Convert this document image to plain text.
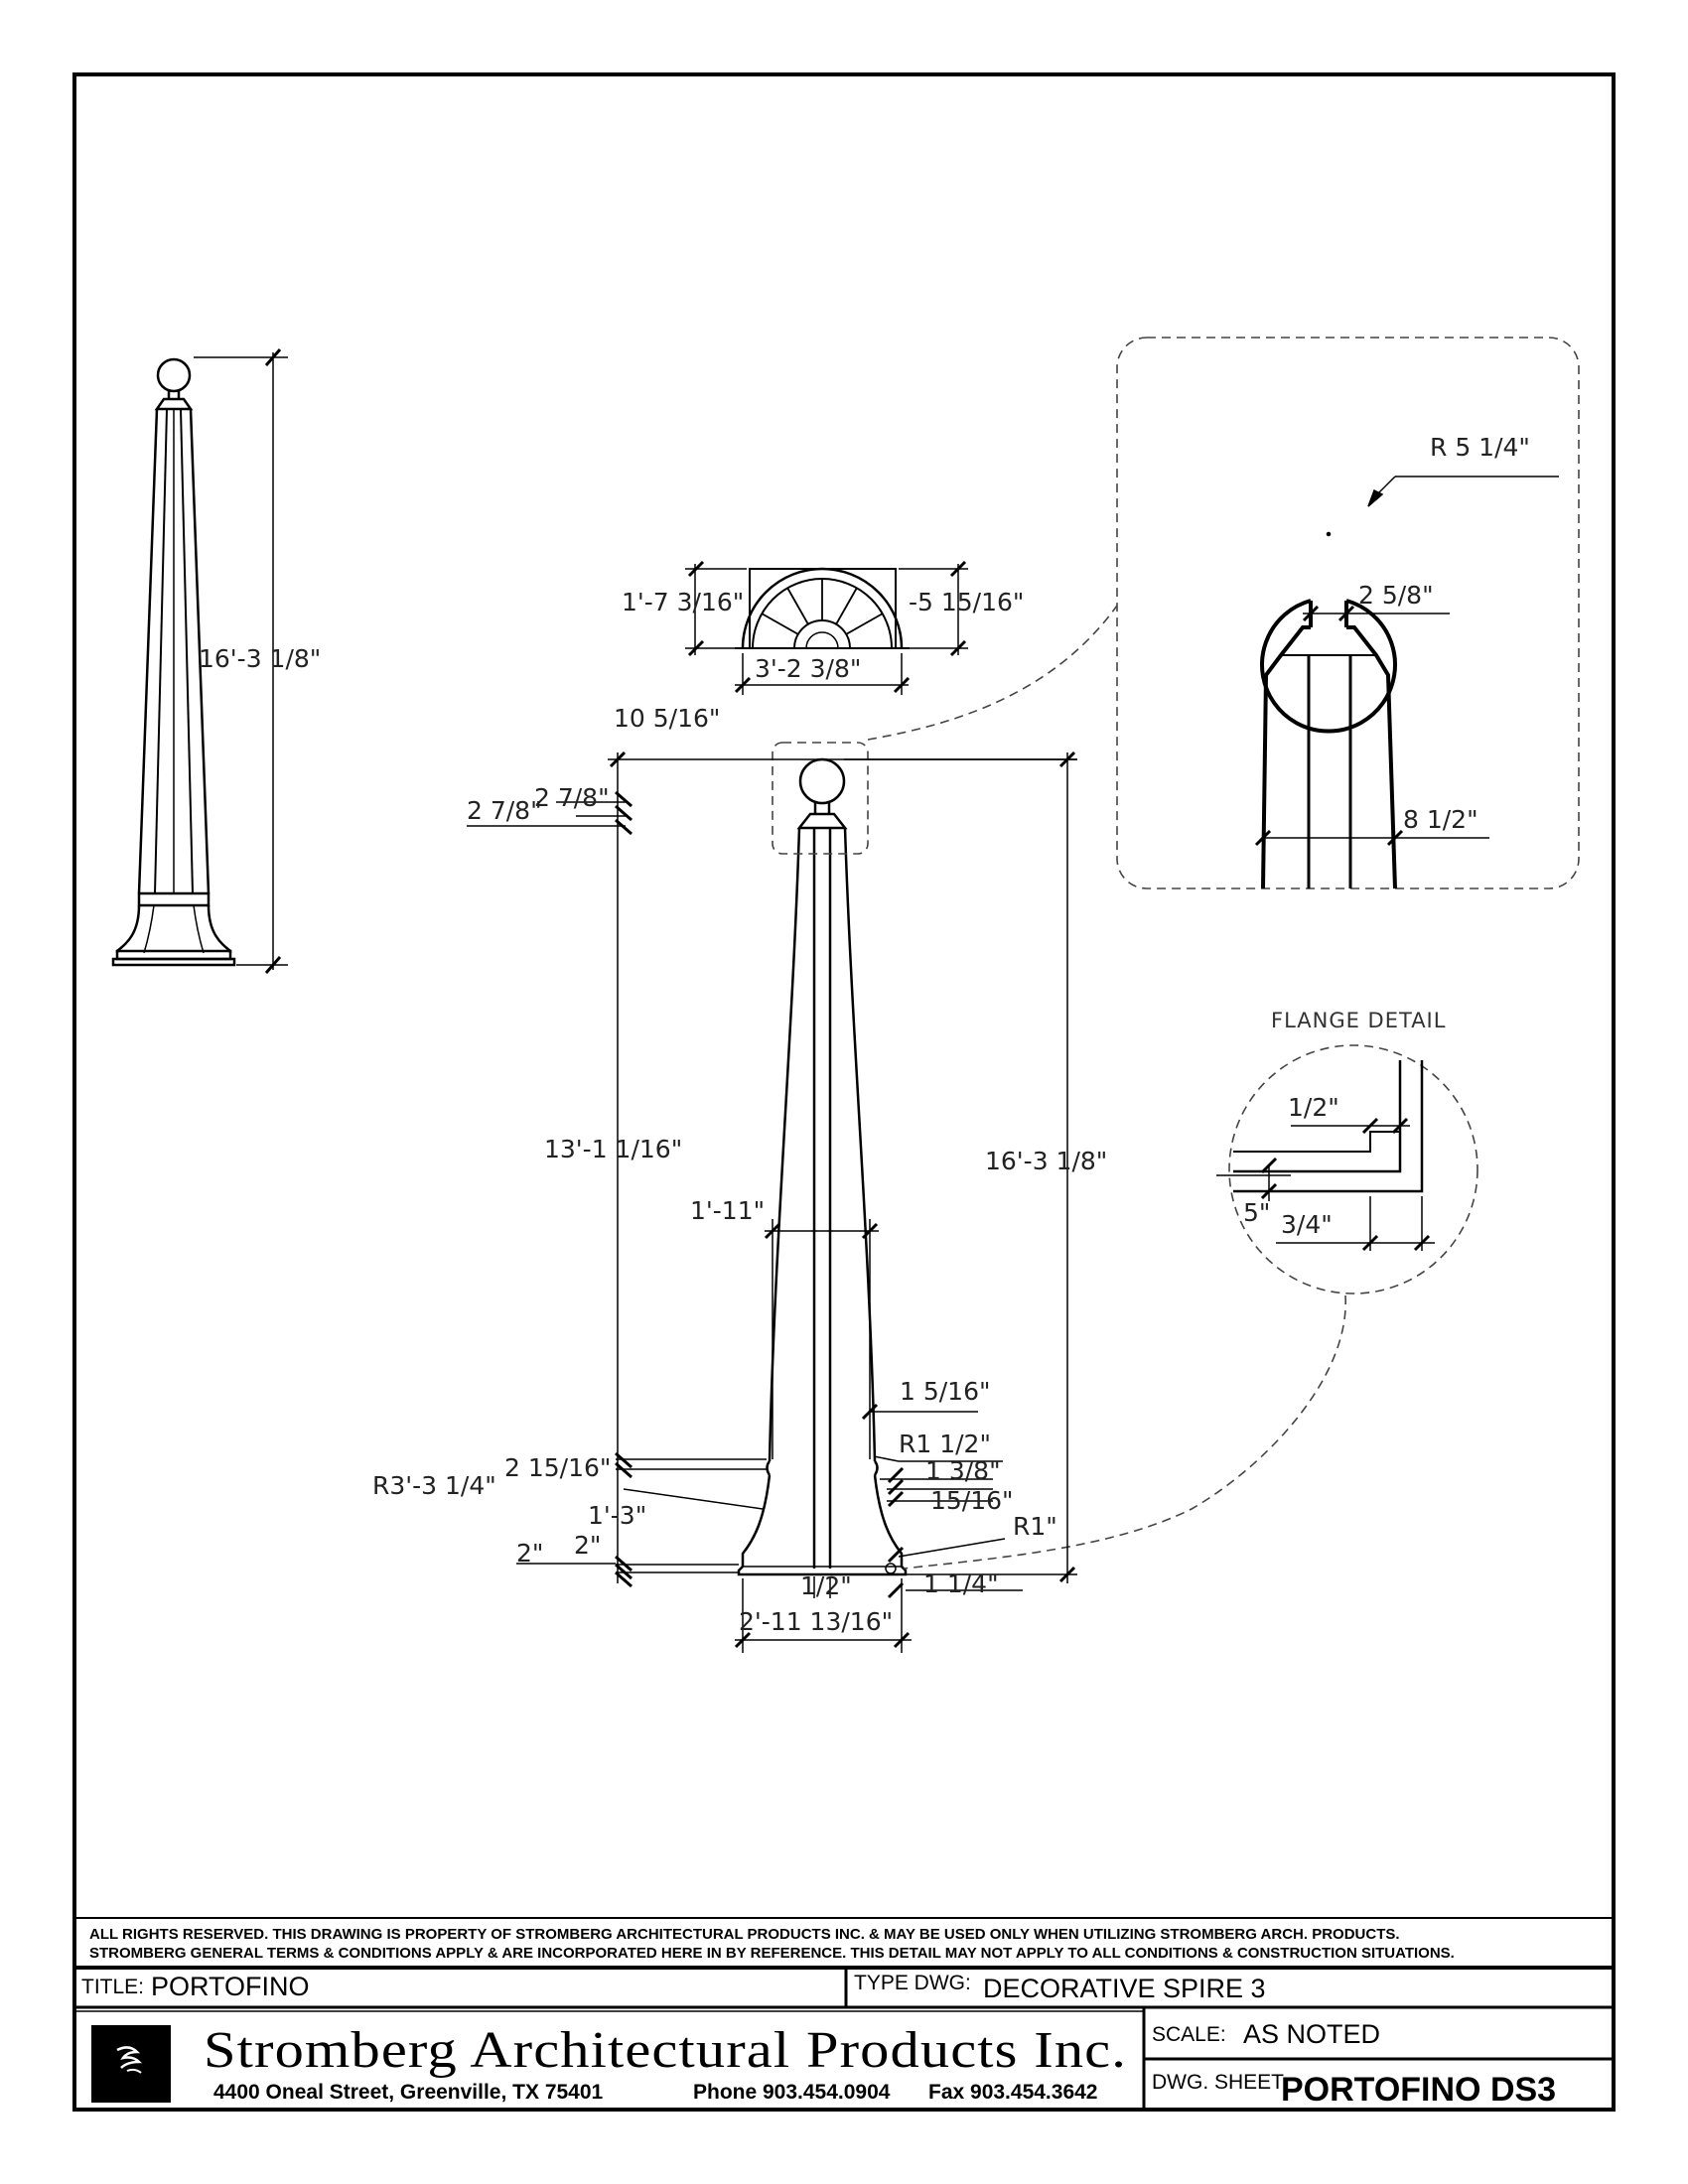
16'-3 1/8"
1'-7 3/16"	-5 15/16"
3'-2 3/8"
10 5/16"
2 7/8"
2 7/8"
13'-1 1/16"	16'-3 1/8"
1'-11"
1 5/16"
R1 1/2"
1 3/8"
15/16"
R1"
R3'-3 1/4"
2 15/16"
1'-3"
2" 2"
1/2"
2'-11 13/16"
1 1/4"
R 5 1/4"
2 5/8"
8 1/2"
FLANGE DETAIL
1/2"
5" 3/4"
ALL RIGHTS RESERVED. THIS DRAWING IS PROPERTY OF STROMBERG ARCHITECTURAL PRODUCTS INC. & MAY BE USED ONLY WHEN UTILIZING STROMBERG ARCH. PRODUCTS.
STROMBERG GENERAL TERMS & CONDITIONS APPLY & ARE INCORPORATED HERE IN BY REFERENCE. THIS DETAIL MAY NOT APPLY TO ALL CONDITIONS & CONSTRUCTION SITUATIONS.
TITLE: PORTOFINO	TYPE DWG: DECORATIVE SPIRE 3
Stromberg Architectural Products Inc.
4400 Oneal Street, Greenville, TX 75401	Phone 903.454.0904 Fax 903.454.3642
SCALE: AS NOTED
DWG. SHEET
PORTOFINO DS3
